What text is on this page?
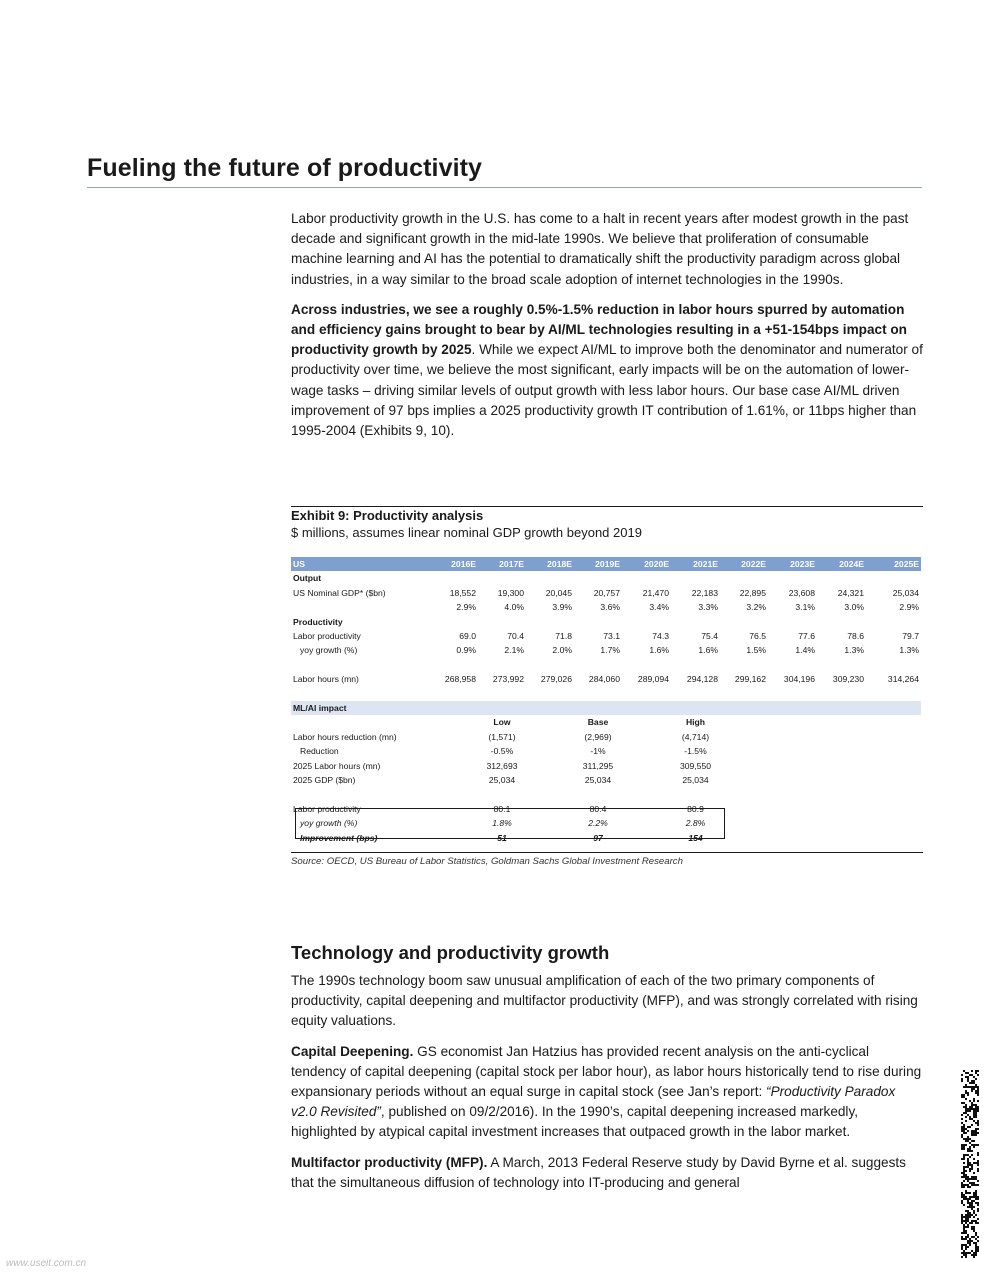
Fueling the future of productivity

Labor productivity growth in the U.S. has come to a halt in recent years after modest growth in the past decade and significant growth in the mid-late 1990s. We believe that proliferation of consumable machine learning and AI has the potential to dramatically shift the productivity paradigm across global industries, in a way similar to the broad scale adoption of internet technologies in the 1990s.

Across industries, we see a roughly 0.5%-1.5% reduction in labor hours spurred by automation and efficiency gains brought to bear by AI/ML technologies resulting in a +51-154bps impact on productivity growth by 2025. While we expect AI/ML to improve both the denominator and numerator of productivity over time, we believe the most significant, early impacts will be on the automation of lower-wage tasks – driving similar levels of output growth with less labor hours. Our base case AI/ML driven improvement of 97 bps implies a 2025 productivity growth IT contribution of 1.61%, or 11bps higher than 1995-2004 (Exhibits 9, 10).

Exhibit 9: Productivity analysis
$ millions, assumes linear nominal GDP growth beyond 2019
US	2016E	2017E	2018E	2019E	2020E	2021E	2022E	2023E	2024E	2025E
Output										
US Nominal GDP* ($bn)	18,552	19,300	20,045	20,757	21,470	22,183	22,895	23,608	24,321	25,034
	2.9%	4.0%	3.9%	3.6%	3.4%	3.3%	3.2%	3.1%	3.0%	2.9%
Productivity										
Labor productivity	69.0	70.4	71.8	73.1	74.3	75.4	76.5	77.6	78.6	79.7
yoy growth (%)	0.9%	2.1%	2.0%	1.7%	1.6%	1.6%	1.5%	1.4%	1.3%	1.3%

Labor hours (mn)	268,958	273,992	279,026	284,060	289,094	294,128	299,162	304,196	309,230	314,264

ML/AI impact										
		Low		Base		High				
Labor hours reduction (mn)		(1,571)		(2,969)		(4,714)				
Reduction		-0.5%		-1%		-1.5%				
2025 Labor hours (mn)		312,693		311,295		309,550				
2025 GDP ($bn)		25,034		25,034		25,034				

Labor productivity		80.1		80.4		80.9				
yoy growth (%)		1.8%		2.2%		2.8%				
Improvement (bps)		51		97		154				
Source: OECD, US Bureau of Labor Statistics, Goldman Sachs Global Investment Research
Technology and productivity growth

The 1990s technology boom saw unusual amplification of each of the two primary components of productivity, capital deepening and multifactor productivity (MFP), and was strongly correlated with rising equity valuations.

Capital Deepening. GS economist Jan Hatzius has provided recent analysis on the anti-cyclical tendency of capital deepening (capital stock per labor hour), as labor hours historically tend to rise during expansionary periods without an equal surge in capital stock (see Jan’s report: “Productivity Paradox v2.0 Revisited”, published on 09/2/2016). In the 1990’s, capital deepening increased markedly, highlighted by atypical capital investment increases that outpaced growth in the labor market.

Multifactor productivity (MFP). A March, 2013 Federal Reserve study by David Byrne et al. suggests that the simultaneous diffusion of technology into IT-producing and general

www.useit.com.cn
